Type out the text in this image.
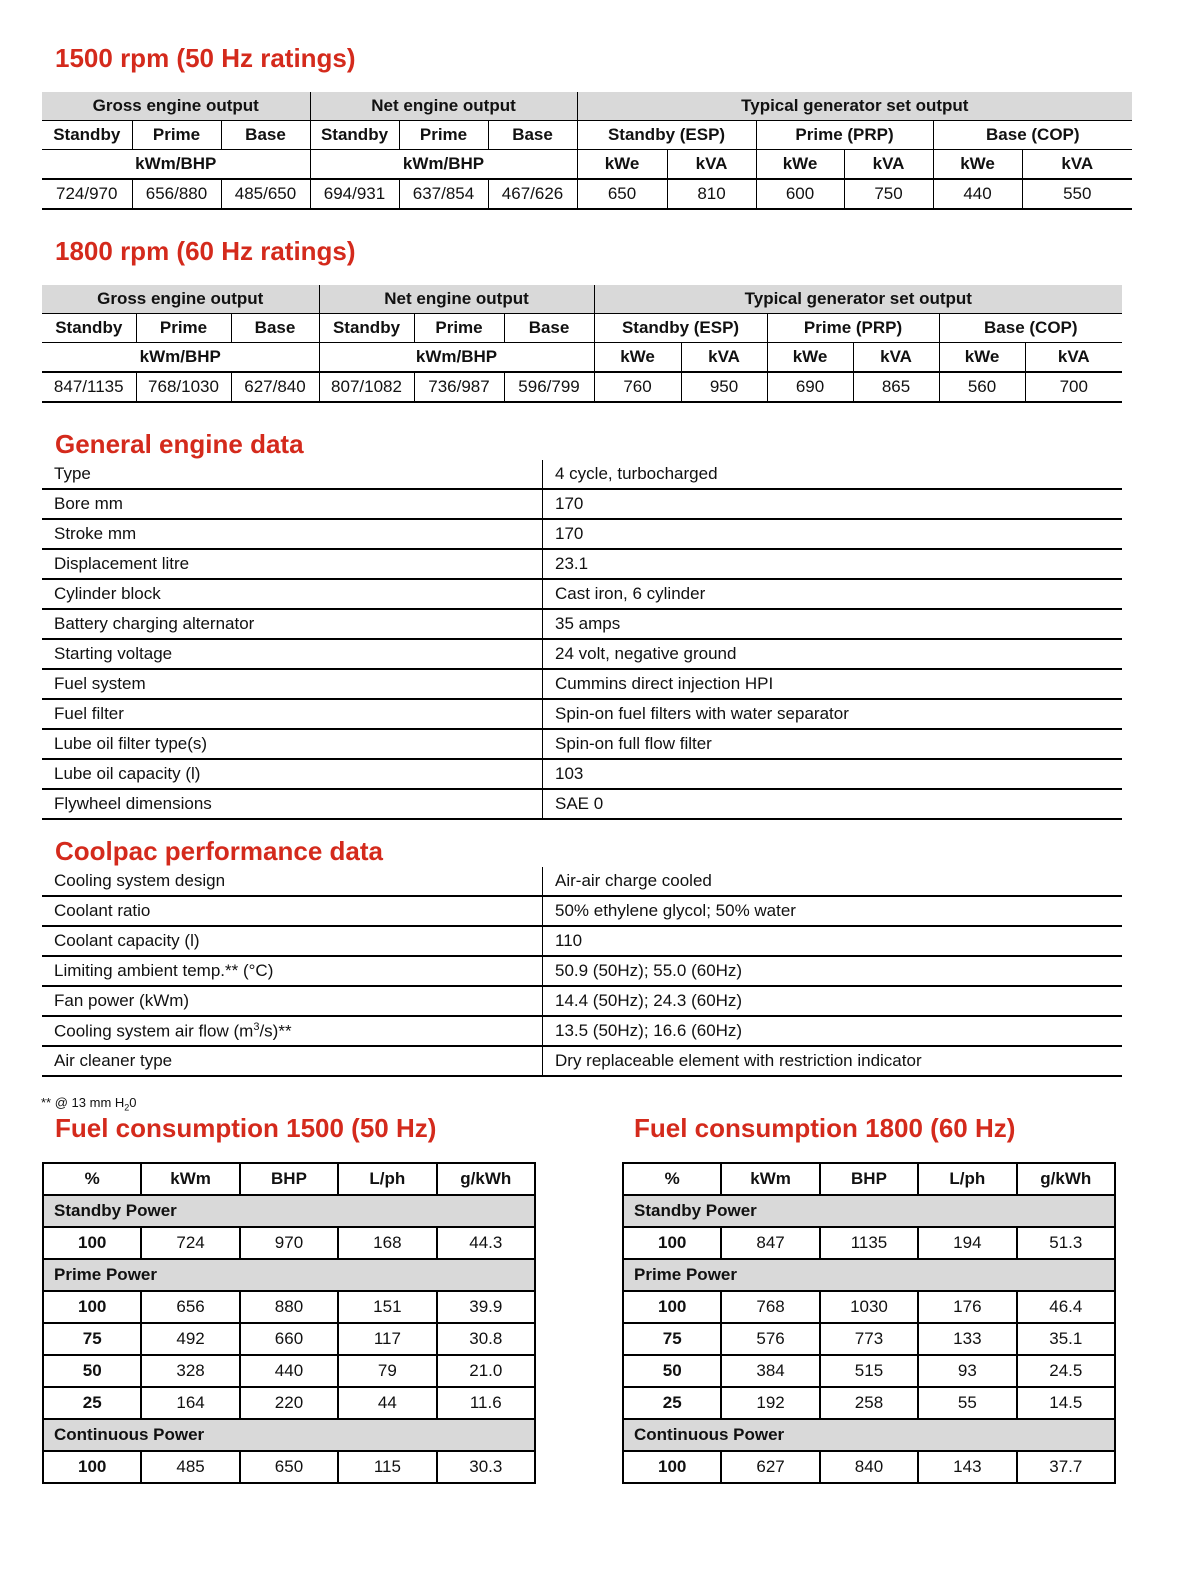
1500 rpm (50 Hz ratings)
Gross engine output			Net engine output			Typical generator set output					
Standby	Prime	Base	Standby	Prime	Base	Standby (ESP)		Prime (PRP)		Base (COP)	
kWm/BHP			kWm/BHP			kWe	kVA	kWe	kVA	kWe	kVA
724/970	656/880	485/650	694/931	637/854	467/626	650	810	600	750	440	550
1800 rpm (60 Hz ratings)
Gross engine output			Net engine output			Typical generator set output					
Standby	Prime	Base	Standby	Prime	Base	Standby (ESP)		Prime (PRP)		Base (COP)	
kWm/BHP			kWm/BHP			kWe	kVA	kWe	kVA	kWe	kVA
847/1135	768/1030	627/840	807/1082	736/987	596/799	760	950	690	865	560	700
General engine data
Type	4 cycle, turbocharged
Bore mm	170
Stroke mm	170
Displacement litre	23.1
Cylinder block	Cast iron, 6 cylinder
Battery charging alternator	35 amps
Starting voltage	24 volt, negative ground
Fuel system	Cummins direct injection HPI
Fuel filter	Spin-on fuel filters with water separator
Lube oil filter type(s)	Spin-on full flow filter
Lube oil capacity (l)	103
Flywheel dimensions	SAE 0
Coolpac performance data
Cooling system design	Air-air charge cooled
Coolant ratio	50% ethylene glycol; 50% water
Coolant capacity (l)	110
Limiting ambient temp.** (°C)	50.9 (50Hz); 55.0 (60Hz)
Fan power (kWm)	14.4 (50Hz); 24.3 (60Hz)
Cooling system air flow $(m^3/s)**$	13.5 (50Hz); 16.6 (60Hz)
Air cleaner type	Dry replaceable element with restriction indicator

** @ 13 mm $H_20$

Fuel consumption 1500 (50 Hz)
%	kWm	BHP	L/ph	g/kWh
Standby Power				
100	724	970	168	44.3
Prime Power				
100	656	880	151	39.9
75	492	660	117	30.8
50	328	440	79	21.0
25	164	220	44	11.6
Continuous Power				
100	485	650	115	30.3
Fuel consumption 1800 (60 Hz)
%	kWm	BHP	L/ph	g/kWh
Standby Power				
100	847	1135	194	51.3
Prime Power				
100	768	1030	176	46.4
75	576	773	133	35.1
50	384	515	93	24.5
25	192	258	55	14.5
Continuous Power				
100	627	840	143	37.7
